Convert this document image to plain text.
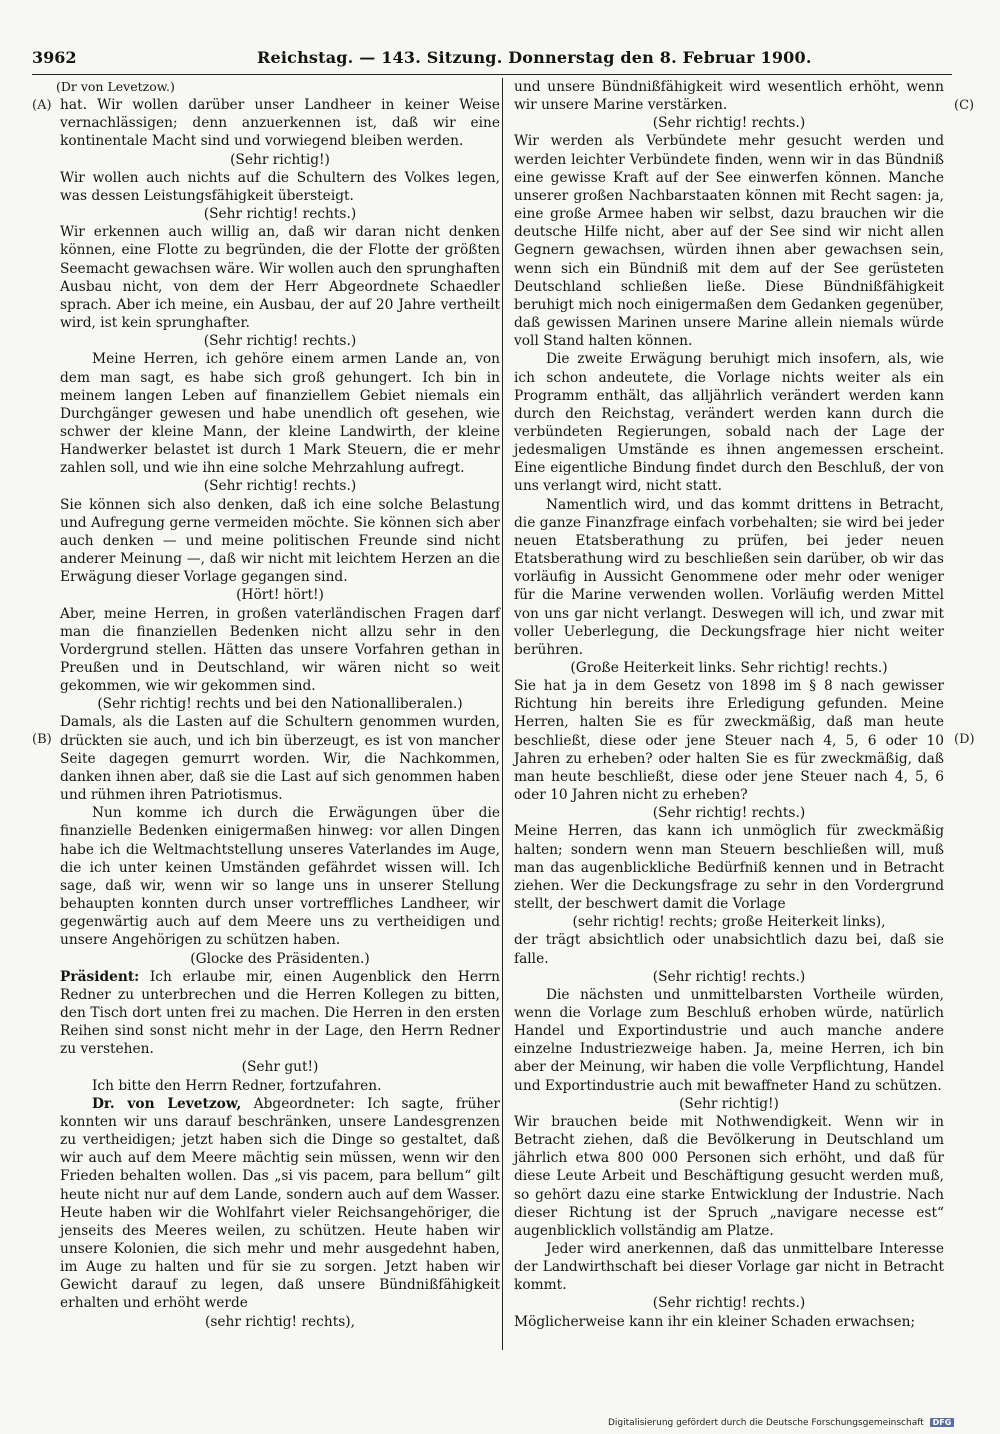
3962	Reichstag. — 143. Sitzung. Donnerstag den 8. Februar 1900.
(A)
(B)
(C)
(D)

(Dr von Levetzow.)

hat. Wir wollen darüber unser Landheer in keiner Weise vernachlässigen; denn anzuerkennen ist, daß wir eine kontinentale Macht sind und vorwiegend bleiben werden.

(Sehr richtig!)

Wir wollen auch nichts auf die Schultern des Volkes legen, was dessen Leistungsfähigkeit übersteigt.

(Sehr richtig! rechts.)

Wir erkennen auch willig an, daß wir daran nicht denken können, eine Flotte zu begründen, die der Flotte der größten Seemacht gewachsen wäre. Wir wollen auch den sprunghaften Ausbau nicht, von dem der Herr Abgeordnete Schaedler sprach. Aber ich meine, ein Ausbau, der auf 20 Jahre vertheilt wird, ist kein sprunghafter.

(Sehr richtig! rechts.)

Meine Herren, ich gehöre einem armen Lande an, von dem man sagt, es habe sich groß gehungert. Ich bin in meinem langen Leben auf finanziellem Gebiet niemals ein Durchgänger gewesen und habe unendlich oft gesehen, wie schwer der kleine Mann, der kleine Landwirth, der kleine Handwerker belastet ist durch 1 Mark Steuern, die er mehr zahlen soll, und wie ihn eine solche Mehrzahlung aufregt.

(Sehr richtig! rechts.)

Sie können sich also denken, daß ich eine solche Belastung und Aufregung gerne vermeiden möchte. Sie können sich aber auch denken — und meine politischen Freunde sind nicht anderer Meinung —, daß wir nicht mit leichtem Herzen an die Erwägung dieser Vorlage gegangen sind.

(Hört! hört!)

Aber, meine Herren, in großen vaterländischen Fragen darf man die finanziellen Bedenken nicht allzu sehr in den Vordergrund stellen. Hätten das unsere Vorfahren gethan in Preußen und in Deutschland, wir wären nicht so weit gekommen, wie wir gekommen sind.

(Sehr richtig! rechts und bei den Nationalliberalen.)

Damals, als die Lasten auf die Schultern genommen wurden, drückten sie auch, und ich bin überzeugt, es ist von mancher Seite dagegen gemurrt worden. Wir, die Nachkommen, danken ihnen aber, daß sie die Last auf sich genommen haben und rühmen ihren Patriotismus.

Nun komme ich durch die Erwägungen über die finanzielle Bedenken einigermaßen hinweg: vor allen Dingen habe ich die Weltmachtstellung unseres Vaterlandes im Auge, die ich unter keinen Umständen gefährdet wissen will. Ich sage, daß wir, wenn wir so lange uns in unserer Stellung behaupten konnten durch unser vortreffliches Landheer, wir gegenwärtig auch auf dem Meere uns zu vertheidigen und unsere Angehörigen zu schützen haben.

(Glocke des Präsidenten.)

Präsident: Ich erlaube mir, einen Augenblick den Herrn Redner zu unterbrechen und die Herren Kollegen zu bitten, den Tisch dort unten frei zu machen. Die Herren in den ersten Reihen sind sonst nicht mehr in der Lage, den Herrn Redner zu verstehen.

(Sehr gut!)

Ich bitte den Herrn Redner, fortzufahren.

Dr. von Levetzow, Abgeordneter: Ich sagte, früher konnten wir uns darauf beschränken, unsere Landesgrenzen zu vertheidigen; jetzt haben sich die Dinge so gestaltet, daß wir auch auf dem Meere mächtig sein müssen, wenn wir den Frieden behalten wollen. Das „si vis pacem, para bellum“ gilt heute nicht nur auf dem Lande, sondern auch auf dem Wasser. Heute haben wir die Wohlfahrt vieler Reichsangehöriger, die jenseits des Meeres weilen, zu schützen. Heute haben wir unsere Kolonien, die sich mehr und mehr ausgedehnt haben, im Auge zu halten und für sie zu sorgen. Jetzt haben wir Gewicht darauf zu legen, daß unsere Bündnißfähigkeit erhalten und erhöht werde

(sehr richtig! rechts),

und unsere Bündnißfähigkeit wird wesentlich erhöht, wenn wir unsere Marine verstärken.

(Sehr richtig! rechts.)

Wir werden als Verbündete mehr gesucht werden und werden leichter Verbündete finden, wenn wir in das Bündniß eine gewisse Kraft auf der See einwerfen können. Manche unserer großen Nachbarstaaten können mit Recht sagen: ja, eine große Armee haben wir selbst, dazu brauchen wir die deutsche Hilfe nicht, aber auf der See sind wir nicht allen Gegnern gewachsen, würden ihnen aber gewachsen sein, wenn sich ein Bündniß mit dem auf der See gerüsteten Deutschland schließen ließe. Diese Bündnißfähigkeit beruhigt mich noch einigermaßen dem Gedanken gegenüber, daß gewissen Marinen unsere Marine allein niemals würde voll Stand halten können.

Die zweite Erwägung beruhigt mich insofern, als, wie ich schon andeutete, die Vorlage nichts weiter als ein Programm enthält, das alljährlich verändert werden kann durch den Reichstag, verändert werden kann durch die verbündeten Regierungen, sobald nach der Lage der jedesmaligen Umstände es ihnen angemessen erscheint. Eine eigentliche Bindung findet durch den Beschluß, der von uns verlangt wird, nicht statt.

Namentlich wird, und das kommt drittens in Betracht, die ganze Finanzfrage einfach vorbehalten; sie wird bei jeder neuen Etatsberathung zu prüfen, bei jeder neuen Etatsberathung wird zu beschließen sein darüber, ob wir das vorläufig in Aussicht Genommene oder mehr oder weniger für die Marine verwenden wollen. Vorläufig werden Mittel von uns gar nicht verlangt. Deswegen will ich, und zwar mit voller Ueberlegung, die Deckungsfrage hier nicht weiter berühren.

(Große Heiterkeit links. Sehr richtig! rechts.)

Sie hat ja in dem Gesetz von 1898 im § 8 nach gewisser Richtung hin bereits ihre Erledigung gefunden. Meine Herren, halten Sie es für zweckmäßig, daß man heute beschließt, diese oder jene Steuer nach 4, 5, 6 oder 10 Jahren zu erheben? oder halten Sie es für zweckmäßig, daß man heute beschließt, diese oder jene Steuer nach 4, 5, 6 oder 10 Jahren nicht zu erheben?

(Sehr richtig! rechts.)

Meine Herren, das kann ich unmöglich für zweckmäßig halten; sondern wenn man Steuern beschließen will, muß man das augenblickliche Bedürfniß kennen und in Betracht ziehen. Wer die Deckungsfrage zu sehr in den Vordergrund stellt, der beschwert damit die Vorlage

(sehr richtig! rechts; große Heiterkeit links),

der trägt absichtlich oder unabsichtlich dazu bei, daß sie falle.

(Sehr richtig! rechts.)

Die nächsten und unmittelbarsten Vortheile würden, wenn die Vorlage zum Beschluß erhoben würde, natürlich Handel und Exportindustrie und auch manche andere einzelne Industriezweige haben. Ja, meine Herren, ich bin aber der Meinung, wir haben die volle Verpflichtung, Handel und Exportindustrie auch mit bewaffneter Hand zu schützen.

(Sehr richtig!)

Wir brauchen beide mit Nothwendigkeit. Wenn wir in Betracht ziehen, daß die Bevölkerung in Deutschland um jährlich etwa 800 000 Personen sich erhöht, und daß für diese Leute Arbeit und Beschäftigung gesucht werden muß, so gehört dazu eine starke Entwicklung der Industrie. Nach dieser Richtung ist der Spruch „navigare necesse est“ augenblicklich vollständig am Platze.

Jeder wird anerkennen, daß das unmittelbare Interesse der Landwirthschaft bei dieser Vorlage gar nicht in Betracht kommt.

(Sehr richtig! rechts.)

Möglicherweise kann ihr ein kleiner Schaden erwachsen;

Digitalisierung gefördert durch die Deutsche Forschungsgemeinschaft DFG
